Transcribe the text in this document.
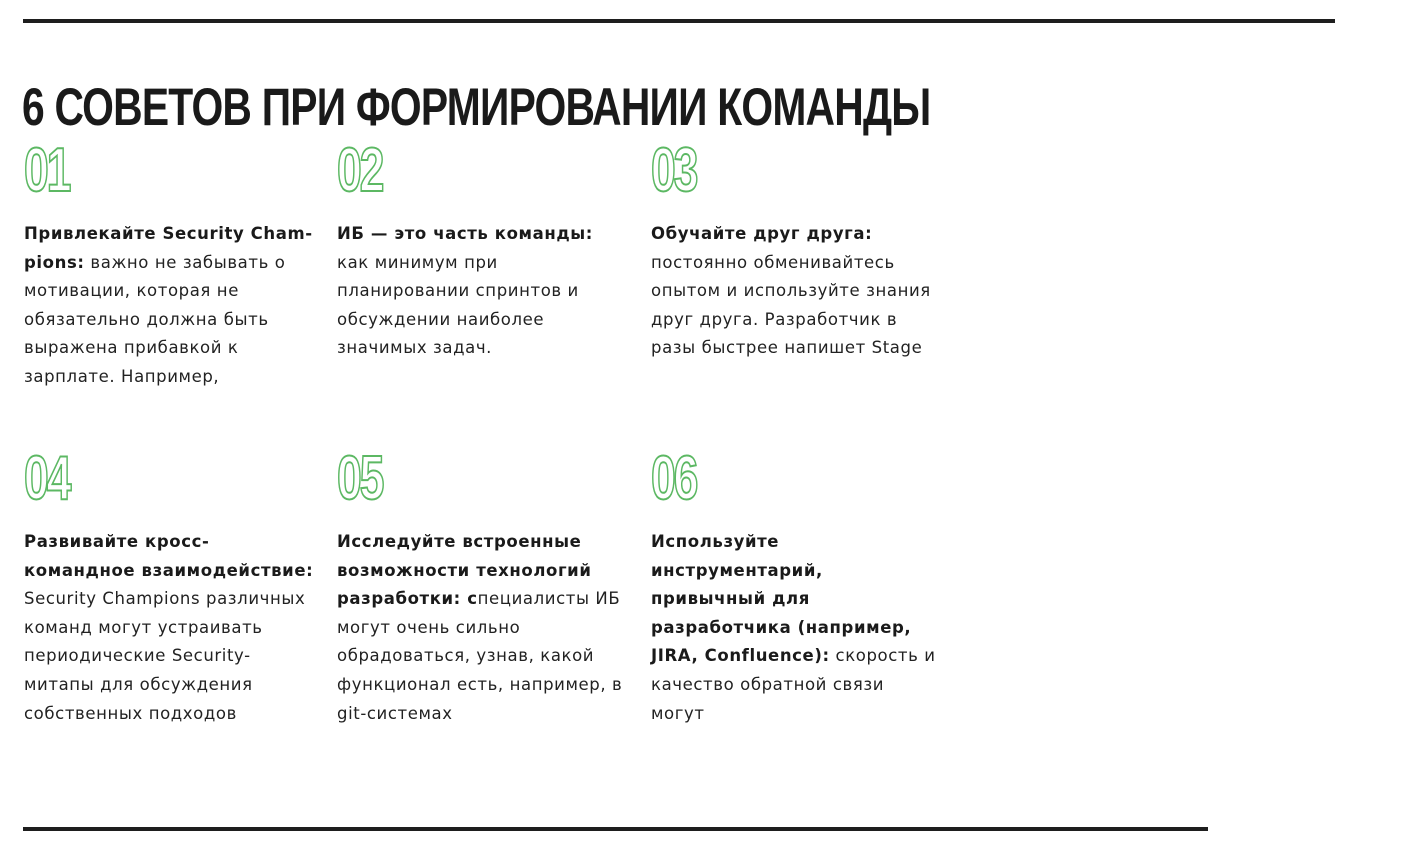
6 СОВЕТОВ ПРИ ФОРМИРОВАНИИ КОМАНДЫ
01
Привлекайте Security Champions: важно не забывать о мотивации, которая не обязательно должна быть выражена прибавкой к зарплате. Например,
02
ИБ — это часть команды: как минимум при планировании спринтов и обсуждении наиболее значимых задач.
03
Обучайте друг друга: постоянно обменивайтесь опытом и используйте знания друг друга. Разработчик в разы быстрее напишет Stage
04
Развивайте кросс-командное взаимодействие: Security Champions различных команд могут устраивать периодические Security-митапы для обсуждения собственных подходов
05
Исследуйте встроенные возможности технологий разработки: специалисты ИБ могут очень сильно обрадоваться, узнав, какой функционал есть, например, в git-системах
06
Используйте инструментарий, привычный для разработчика (например, JIRA, Confluence): скорость и качество обратной связи могут
